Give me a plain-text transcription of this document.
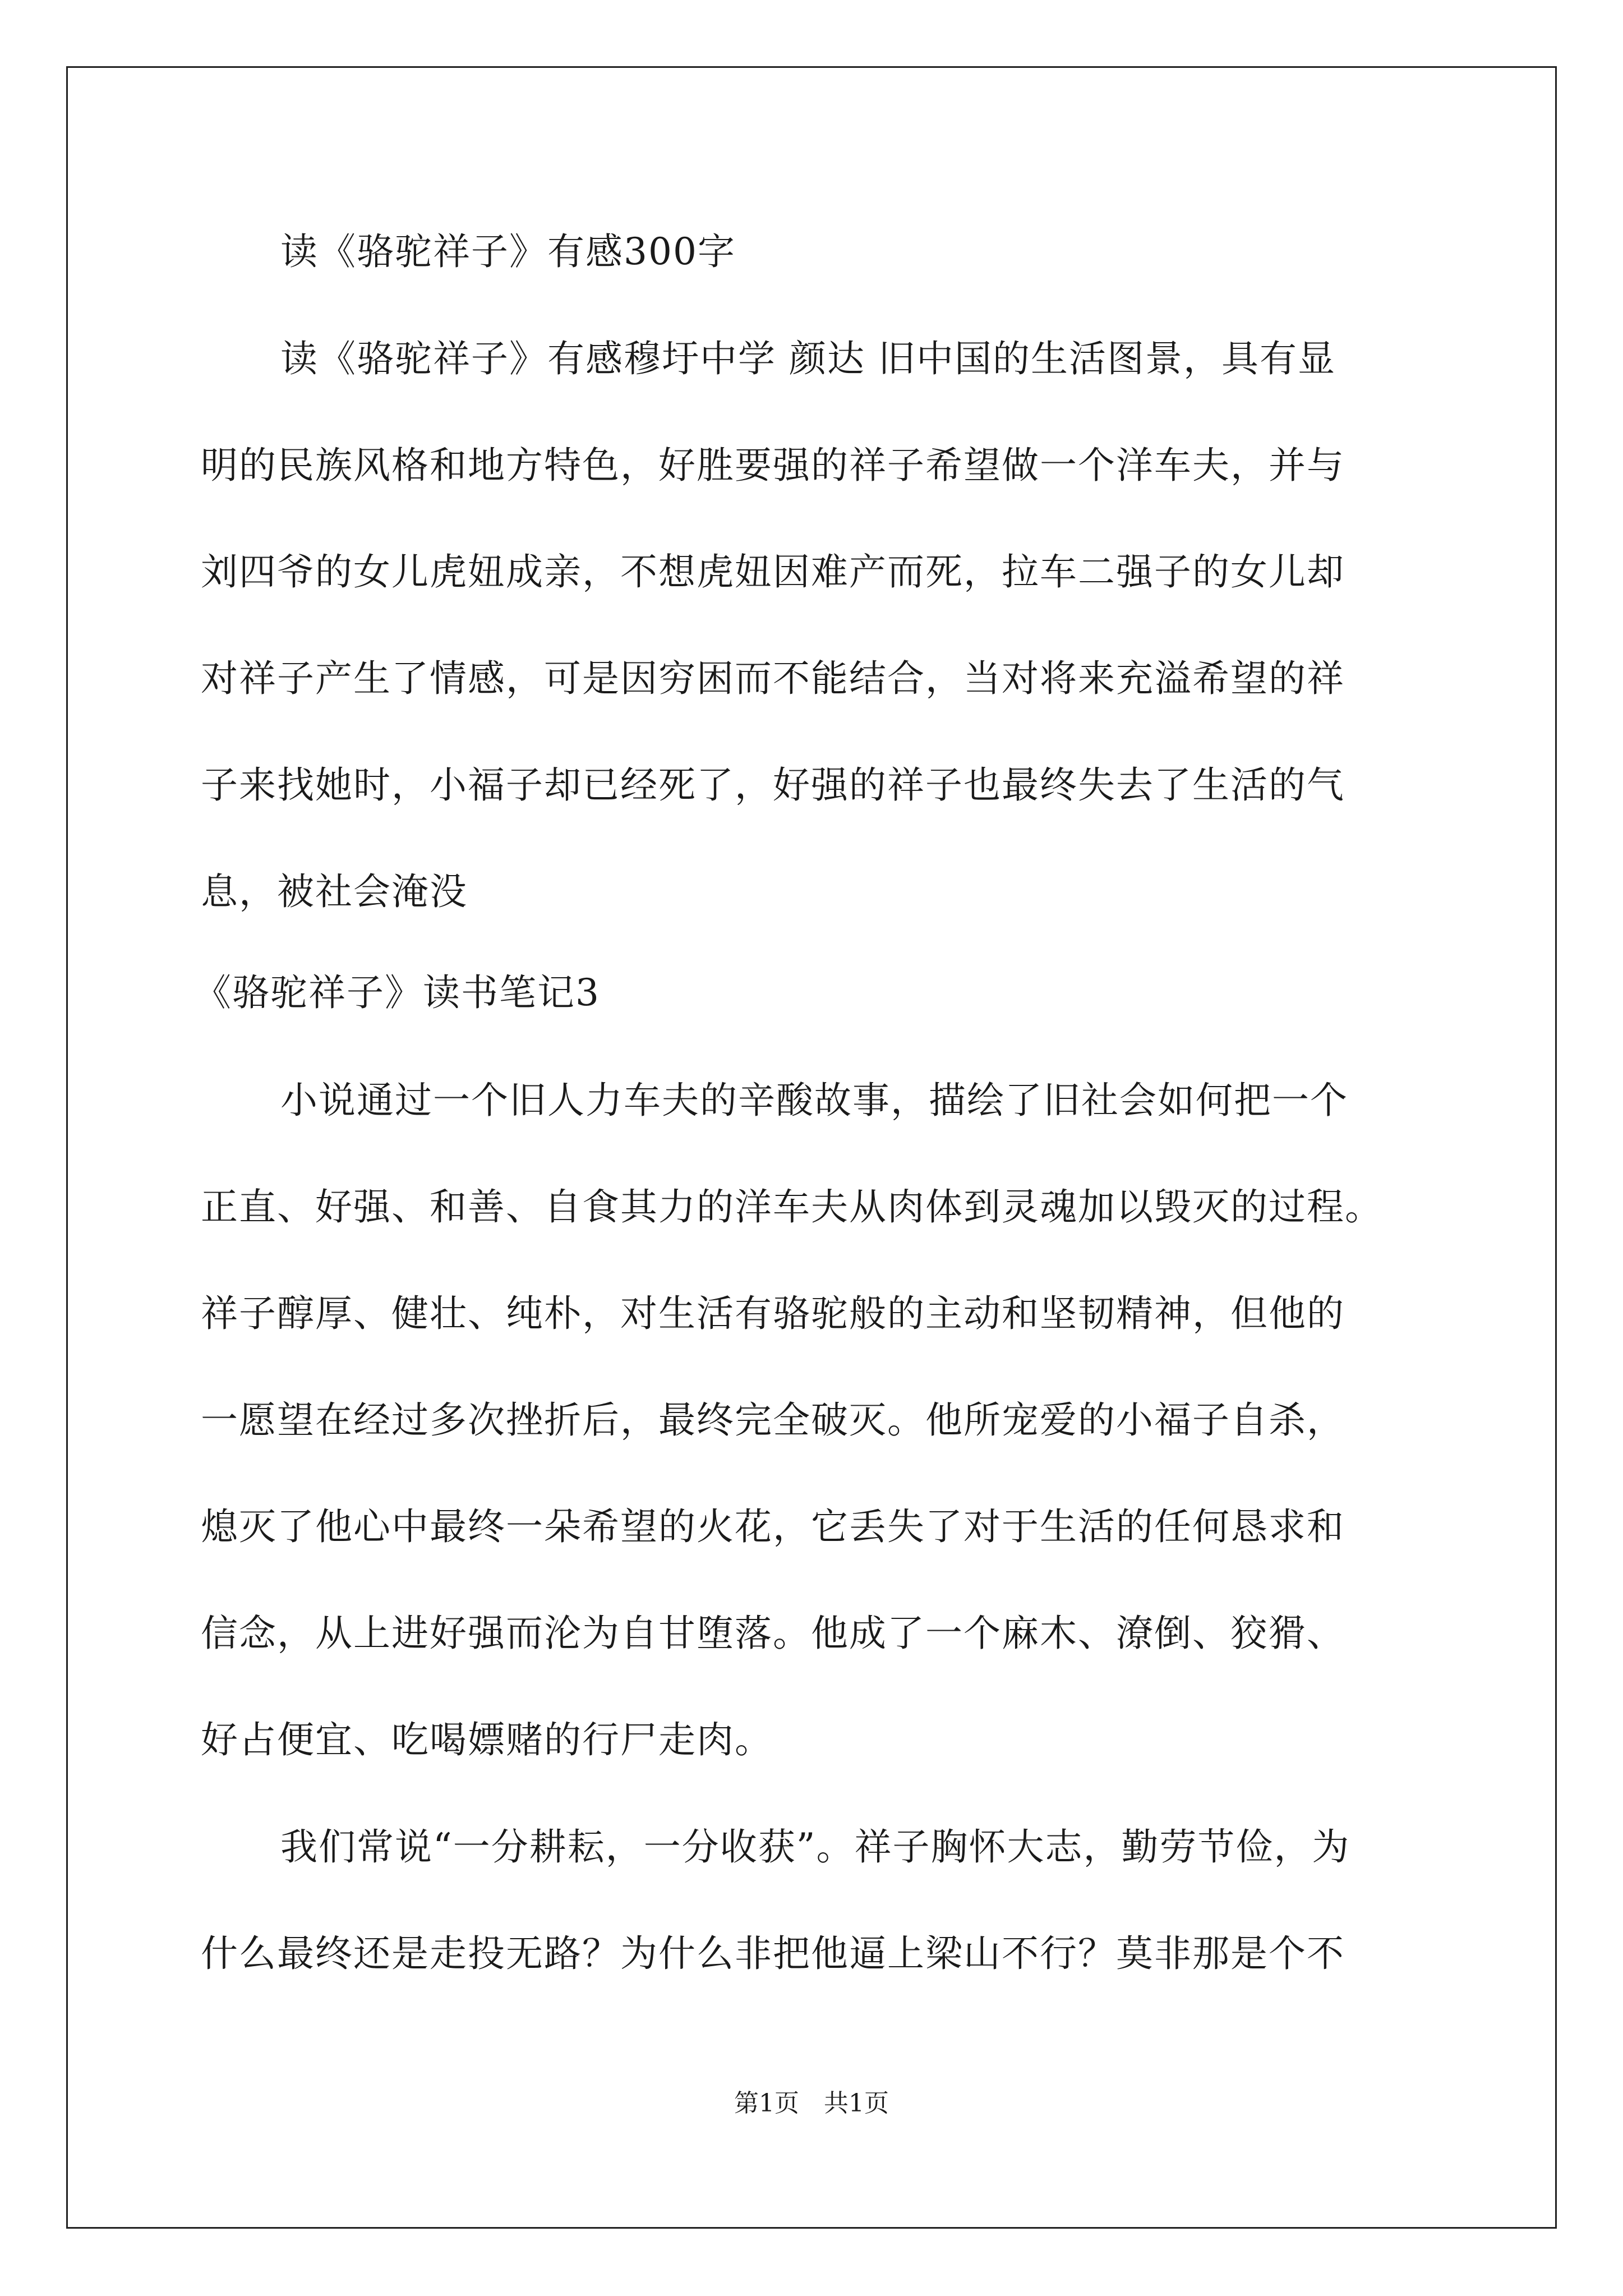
读《骆驼祥子》有感300字
读《骆驼祥子》有感穆圩中学 颜达 旧中国的生活图景，具有显
明的民族风格和地方特色，好胜要强的祥子希望做一个洋车夫，并与
刘四爷的女儿虎妞成亲，不想虎妞因难产而死，拉车二强子的女儿却
对祥子产生了情感，可是因穷困而不能结合，当对将来充溢希望的祥
子来找她时，小福子却已经死了，好强的祥子也最终失去了生活的气
息，被社会淹没
《骆驼祥子》读书笔记3
小说通过一个旧人力车夫的辛酸故事，描绘了旧社会如何把一个
正直、好强、和善、自食其力的洋车夫从肉体到灵魂加以毁灭的过程。
祥子醇厚、健壮、纯朴，对生活有骆驼般的主动和坚韧精神，但他的
一愿望在经过多次挫折后，最终完全破灭。他所宠爱的小福子自杀，
熄灭了他心中最终一朵希望的火花，它丢失了对于生活的任何恳求和
信念，从上进好强而沦为自甘堕落。他成了一个麻木、潦倒、狡猾、
好占便宜、吃喝嫖赌的行尸走肉。
我们常说“一分耕耘，一分收获”。祥子胸怀大志，勤劳节俭，为
什么最终还是走投无路？为什么非把他逼上梁山不行？莫非那是个不
第1页　共1页
